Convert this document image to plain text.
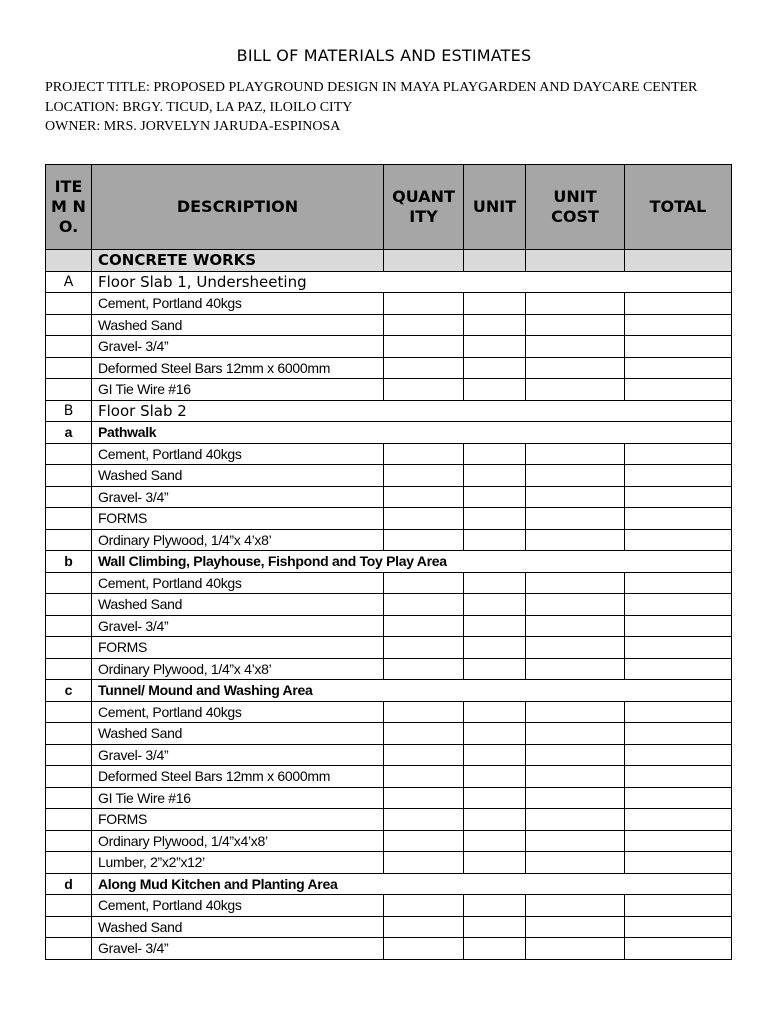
BILL OF MATERIALS AND ESTIMATES
PROJECT TITLE: PROPOSED PLAYGROUND DESIGN IN MAYA PLAYGARDEN AND DAYCARE CENTER
LOCATION: BRGY. TICUD, LA PAZ, ILOILO CITY
OWNER: MRS. JORVELYN JARUDA-ESPINOSA
ITEM NO.	DESCRIPTION	QUANTITY	UNIT	UNIT COST	TOTAL
	CONCRETE WORKS				
A	Floor Slab 1, Undersheeting				
	Cement, Portland 40kgs				
	Washed Sand				
	Gravel- 3/4”				
	Deformed Steel Bars 12mm x 6000mm				
	GI Tie Wire #16				
B	Floor Slab 2				
a	Pathwalk				
	Cement, Portland 40kgs				
	Washed Sand				
	Gravel- 3/4”				
	FORMS				
	Ordinary Plywood, 1/4”x 4’x8’				
b	Wall Climbing, Playhouse, Fishpond and Toy Play Area				
	Cement, Portland 40kgs				
	Washed Sand				
	Gravel- 3/4”				
	FORMS				
	Ordinary Plywood, 1/4”x 4’x8’				
c	Tunnel/ Mound and Washing Area				
	Cement, Portland 40kgs				
	Washed Sand				
	Gravel- 3/4”				
	Deformed Steel Bars 12mm x 6000mm				
	GI Tie Wire #16				
	FORMS				
	Ordinary Plywood, 1/4”x4’x8’				
	Lumber, 2”x2”x12’				
d	Along Mud Kitchen and Planting Area				
	Cement, Portland 40kgs				
	Washed Sand				
	Gravel- 3/4”				
